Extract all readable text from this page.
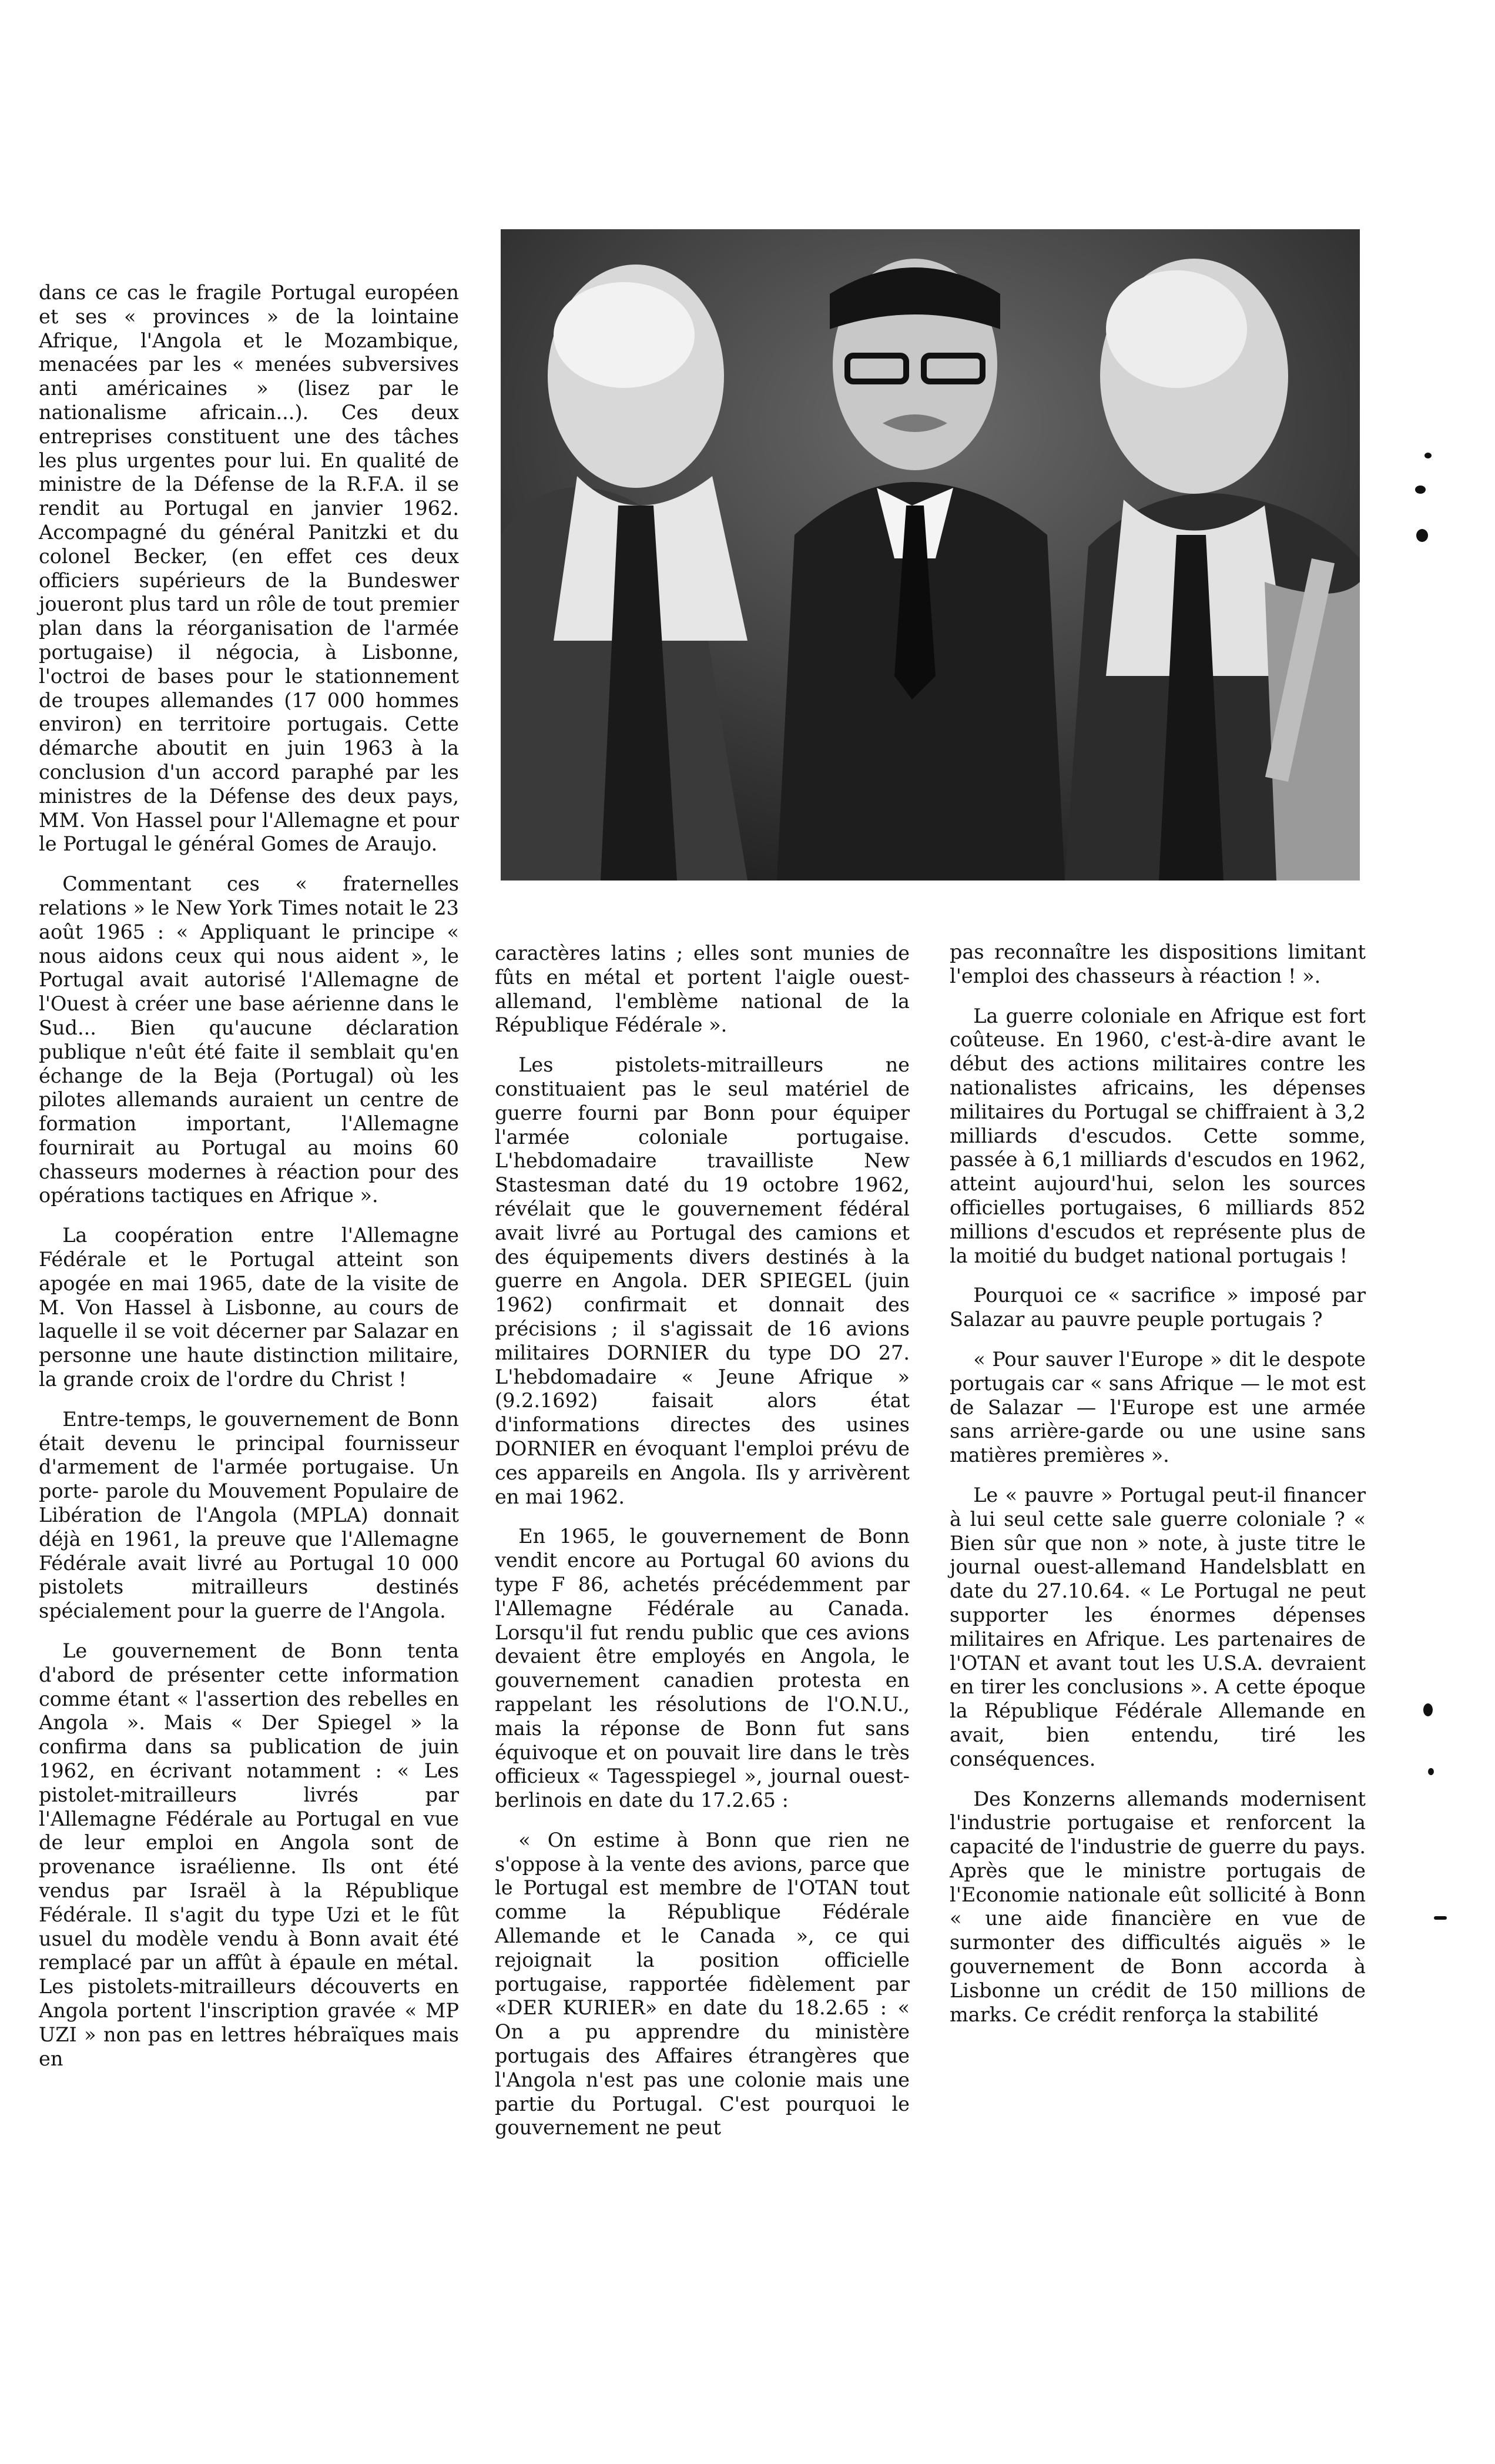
dans ce cas le fragile Portugal européen et ses « provinces » de la lointaine Afrique, l'Angola et le Mozambique, menacées par les « menées subversives anti américaines » (lisez par le nationalisme africain...). Ces deux entreprises constituent une des tâches les plus urgentes pour lui. En qualité de ministre de la Défense de la R.F.A. il se rendit au Portugal en janvier 1962. Accompagné du général Panitzki et du colonel Becker, (en effet ces deux officiers supérieurs de la Bundeswer joueront plus tard un rôle de tout premier plan dans la réorganisation de l'armée portugaise) il négocia, à Lisbonne, l'octroi de bases pour le stationnement de troupes allemandes (17 000 hommes environ) en territoire portugais. Cette démarche aboutit en juin 1963 à la conclusion d'un accord paraphé par les ministres de la Défense des deux pays, MM. Von Hassel pour l'Allemagne et pour le Portugal le général Gomes de Araujo.

Commentant ces « fraternelles relations » le New York Times notait le 23 août 1965 : « Appliquant le principe « nous aidons ceux qui nous aident », le Portugal avait autorisé l'Allemagne de l'Ouest à créer une base aérienne dans le Sud... Bien qu'aucune déclaration publique n'eût été faite il semblait qu'en échange de la Beja (Portugal) où les pilotes allemands auraient un centre de formation important, l'Allemagne fournirait au Portugal au moins 60 chasseurs modernes à réaction pour des opérations tactiques en Afrique ».

La coopération entre l'Allemagne Fédérale et le Portugal atteint son apogée en mai 1965, date de la visite de M. Von Hassel à Lisbonne, au cours de laquelle il se voit décerner par Salazar en personne une haute distinction militaire, la grande croix de l'ordre du Christ !

Entre-temps, le gouvernement de Bonn était devenu le principal fournisseur d'armement de l'armée portugaise. Un porte- parole du Mouvement Populaire de Libération de l'Angola (MPLA) donnait déjà en 1961, la preuve que l'Allemagne Fédérale avait livré au Portugal 10 000 pistolets mitrailleurs destinés spécialement pour la guerre de l'Angola.

Le gouvernement de Bonn tenta d'abord de présenter cette information comme étant « l'assertion des rebelles en Angola ». Mais « Der Spiegel » la confirma dans sa publication de juin 1962, en écrivant notamment : « Les pistolet-mitrailleurs livrés par l'Allemagne Fédérale au Portugal en vue de leur emploi en Angola sont de provenance israélienne. Ils ont été vendus par Israël à la République Fédérale. Il s'agit du type Uzi et le fût usuel du modèle vendu à Bonn avait été remplacé par un affût à épaule en métal. Les pistolets-mitrailleurs découverts en Angola portent l'inscription gravée « MP UZI » non pas en lettres hébraïques mais en

caractères latins ; elles sont munies de fûts en métal et portent l'aigle ouest-allemand, l'emblème national de la République Fédérale ».

Les pistolets-mitrailleurs ne constituaient pas le seul matériel de guerre fourni par Bonn pour équiper l'armée coloniale portugaise. L'hebdomadaire travailliste New Stastesman daté du 19 octobre 1962, révélait que le gouvernement fédéral avait livré au Portugal des camions et des équipements divers destinés à la guerre en Angola. DER SPIEGEL (juin 1962) confirmait et donnait des précisions ; il s'agissait de 16 avions militaires DORNIER du type DO 27. L'hebdomadaire « Jeune Afrique » (9.2.1692) faisait alors état d'informations directes des usines DORNIER en évoquant l'emploi prévu de ces appareils en Angola. Ils y arrivèrent en mai 1962.

En 1965, le gouvernement de Bonn vendit encore au Portugal 60 avions du type F 86, achetés précédemment par l'Allemagne Fédérale au Canada. Lorsqu'il fut rendu public que ces avions devaient être employés en Angola, le gouvernement canadien protesta en rappelant les résolutions de l'O.N.U., mais la réponse de Bonn fut sans équivoque et on pouvait lire dans le très officieux « Tagesspiegel », journal ouest-berlinois en date du 17.2.65 :

« On estime à Bonn que rien ne s'oppose à la vente des avions, parce que le Portugal est membre de l'OTAN tout comme la République Fédérale Allemande et le Canada », ce qui rejoignait la position officielle portugaise, rapportée fidèlement par «DER KURIER» en date du 18.2.65 : « On a pu apprendre du ministère portugais des Affaires étrangères que l'Angola n'est pas une colonie mais une partie du Portugal. C'est pourquoi le gouvernement ne peut

pas reconnaître les dispositions limitant l'emploi des chasseurs à réaction ! ».

La guerre coloniale en Afrique est fort coûteuse. En 1960, c'est-à-dire avant le début des actions militaires contre les nationalistes africains, les dépenses militaires du Portugal se chiffraient à 3,2 milliards d'escudos. Cette somme, passée à 6,1 milliards d'escudos en 1962, atteint aujourd'hui, selon les sources officielles portugaises, 6 milliards 852 millions d'escudos et représente plus de la moitié du budget national portugais !

Pourquoi ce « sacrifice » imposé par Salazar au pauvre peuple portugais ?

« Pour sauver l'Europe » dit le despote portugais car « sans Afrique — le mot est de Salazar — l'Europe est une armée sans arrière-garde ou une usine sans matières premières ».

Le « pauvre » Portugal peut-il financer à lui seul cette sale guerre coloniale ? « Bien sûr que non » note, à juste titre le journal ouest-allemand Handelsblatt en date du 27.10.64. « Le Portugal ne peut supporter les énormes dépenses militaires en Afrique. Les partenaires de l'OTAN et avant tout les U.S.A. devraient en tirer les conclusions ». A cette époque la République Fédérale Allemande en avait, bien entendu, tiré les conséquences.

Des Konzerns allemands modernisent l'industrie portugaise et renforcent la capacité de l'industrie de guerre du pays. Après que le ministre portugais de l'Economie nationale eût sollicité à Bonn « une aide financière en vue de surmonter des difficultés aiguës » le gouvernement de Bonn accorda à Lisbonne un crédit de 150 millions de marks. Ce crédit renforça la stabilité
